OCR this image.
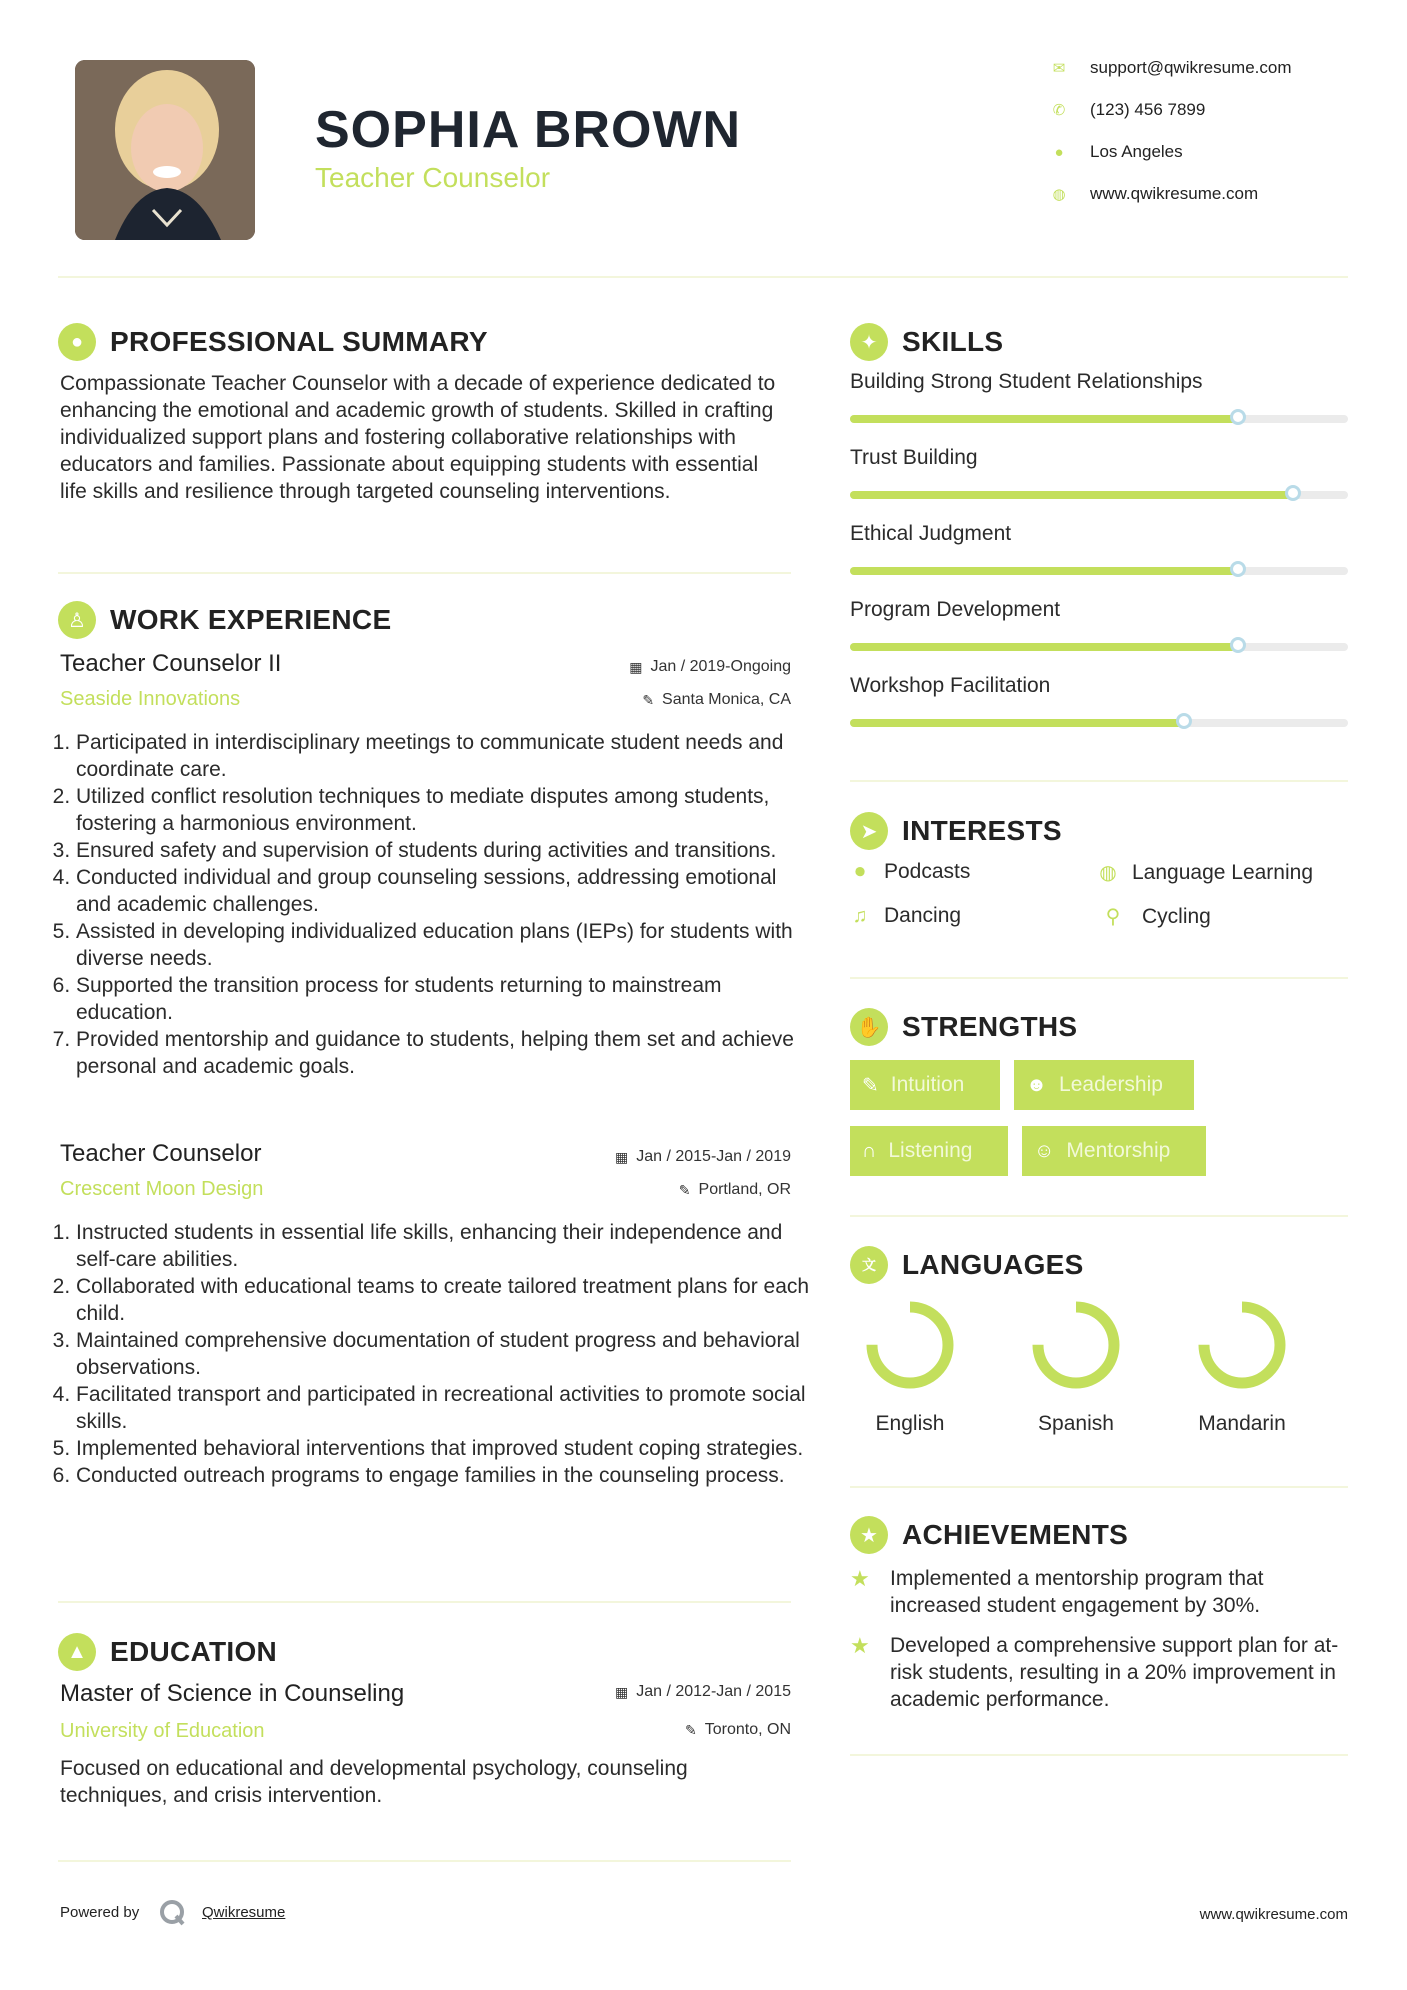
SOPHIA BROWN
Teacher Counselor
✉ support@qwikresume.com
✆ (123) 456 7899
● Los Angeles
◍ www.qwikresume.com
● PROFESSIONAL SUMMARY
Compassionate Teacher Counselor with a decade of experience dedicated to enhancing the emotional and academic growth of students. Skilled in crafting individualized support plans and fostering collaborative relationships with educators and families. Passionate about equipping students with essential life skills and resilience through targeted counseling interventions.
♙ WORK EXPERIENCE
Teacher Counselor II
Seaside Innovations
▦ Jan / 2019-Ongoing
✎ Santa Monica, CA
1. Participated in interdisciplinary meetings to communicate student needs and coordinate care.
2. Utilized conflict resolution techniques to mediate disputes among students, fostering a harmonious environment.
3. Ensured safety and supervision of students during activities and transitions.
4. Conducted individual and group counseling sessions, addressing emotional and academic challenges.
5. Assisted in developing individualized education plans (IEPs) for students with diverse needs.
6. Supported the transition process for students returning to mainstream education.
7. Provided mentorship and guidance to students, helping them set and achieve personal and academic goals.
Teacher Counselor
Crescent Moon Design
▦ Jan / 2015-Jan / 2019
✎ Portland, OR
1. Instructed students in essential life skills, enhancing their independence and self-care abilities.
2. Collaborated with educational teams to create tailored treatment plans for each child.
3. Maintained comprehensive documentation of student progress and behavioral observations.
4. Facilitated transport and participated in recreational activities to promote social skills.
5. Implemented behavioral interventions that improved student coping strategies.
6. Conducted outreach programs to engage families in the counseling process.
▲ EDUCATION
Master of Science in Counseling
University of Education
▦ Jan / 2012-Jan / 2015
✎ Toronto, ON
Focused on educational and developmental psychology, counseling techniques, and crisis intervention.
✦ SKILLS
Building Strong Student Relationships
Trust Building
Ethical Judgment
Program Development
Workshop Facilitation
➤ INTERESTS
⏺ Podcasts	◍ Language Learning
♫ Dancing	⚲	Cycling
✋ STRENGTHS
✎ Intuition	☻ Leadership
∩ Listening	☺ Mentorship
文 LANGUAGES
English	Spanish	Mandarin
★ ACHIEVEMENTS
★ Implemented a mentorship program that increased student engagement by 30%.
★ Developed a comprehensive support plan for at-risk students, resulting in a 20% improvement in academic performance.
Powered by	Qwikresume	www.qwikresume.com
